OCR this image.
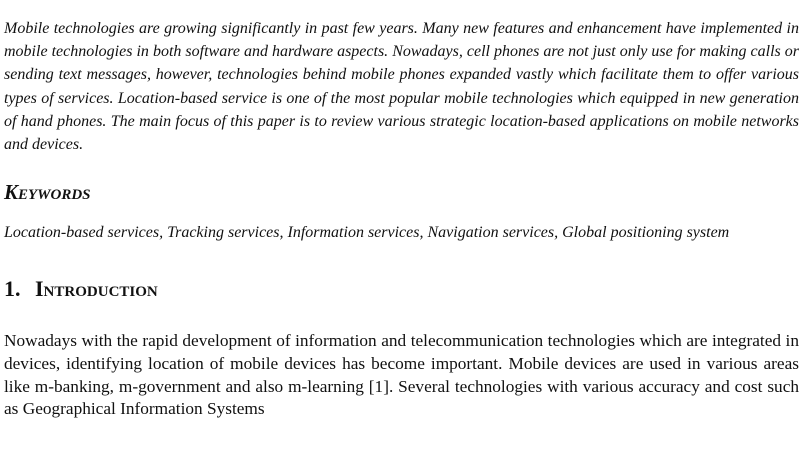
Mobile technologies are growing significantly in past few years. Many new features and enhancement have implemented in mobile technologies in both software and hardware aspects. Nowadays, cell phones are not just only use for making calls or sending text messages, however, technologies behind mobile phones expanded vastly which facilitate them to offer various types of services. Location-based service is one of the most popular mobile technologies which equipped in new generation of hand phones. The main focus of this paper is to review various strategic location-based applications on mobile networks and devices.

Keywords

Location-based services, Tracking services, Information services, Navigation services, Global positioning system

1. Introduction

Nowadays with the rapid development of information and telecommunication technologies which are integrated in devices, identifying location of mobile devices has become important. Mobile devices are used in various areas like m-banking, m-government and also m-learning [1]. Several technologies with various accuracy and cost such as Geographical Information Systems
